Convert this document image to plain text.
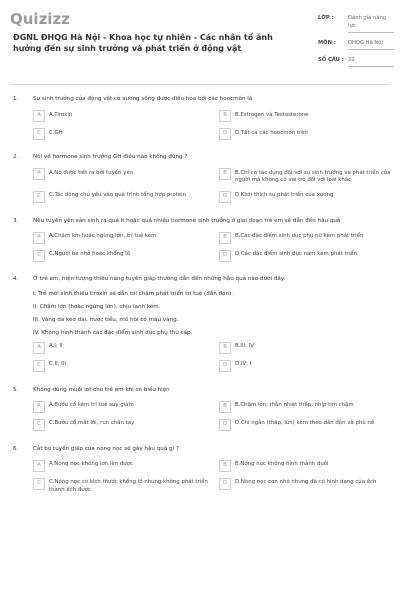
Quizizz
ĐGNL ĐHQG Hà Nội - Khoa học tự nhiên - Các nhân tố ảnh hưởng đến sự sinh trưởng và phát triển ở động vật
LỚP :	Đánh giá năng lực
MÔN :	ĐHQG Hà Nội
SỐ CÂU : 22
1.	Sự sinh trưởng của động vật có xương sống được điều hòa bởi các hoocmôn là
A	A.Tiroxin	B	B.Estrogen và Testosterone
C	C.GH	D	D.Tất cả các hoocmôn trên
2.	Nói về hormone sinh trưởng GH điều nào không đúng ?
A	A.Nó được tiết ra bởi tuyến yên	B	B.Chỉ có tác dụng đối với sự sinh trưởng và phát triển của người mà không có vai trò đối với loài khác
C	C.Tác động chủ yếu vào quá trình tổng hợp protein	D	D.Kích thích sự phát triển của xương
3.	Nếu tuyến yên sản sinh ra quá ít hoặc quá nhiều hormone sinh trưởng ở giai đoạn trẻ em sẽ dẫn đến hậu quả
A	A.Chậm lớn hoặc ngừng lớn, trí tuệ kém	B	B.Các đặc điểm sinh dục phụ nữ kém phát triển
C	C.Người bé nhỏ hoặc khổng lồ	D	D.Các đặc điểm sinh dục nam kém phát triển
4.	Ở trẻ em, hiện tượng thiếu năng tuyến giáp thường dẫn đến những hậu quả nào dưới đây:
I. Trẻ mới sinh thiếu tiroxin sẽ dẫn tới chậm phát triển trí tuệ (đần độn).
II. Chậm lớn (hoặc ngừng lớn), chịu lạnh kém.
III. Vàng da kéo dài, nước tiểu, mồ hôi có màu vàng.
IV. Không hình thành các đặc điểm sinh dục phụ thứ cấp.
A	A.I; II	B	B.III; IV
C	C.II; III	D	D.IV; I
5.	Không dùng muối iot cho trẻ em khi có biểu hiện
A	A.Bướu cổ kém trí tuệ suy giảm	B	B.Chậm lớn, thân nhiệt thấp, nhịp tim chậm
C	C.Bướu cổ,mất lôi, run chân tay	D	D.Chi ngắn (thấp, lùn) kèm theo đần độn và phù nề
6.	Cắt bỏ tuyến giáp của nòng nọc sẽ gây hậu quả gì ?
A	A.Nòng nọc không lớn lên được	B	B.Nòng nọc không hình thành đuôi
C	C.Nòng nọc có kích thước khổng lồ nhưng không phát triển thành ếch được
D	D.Nòng nọc con nhỏ nhưng đã có hình dạng của ếch
